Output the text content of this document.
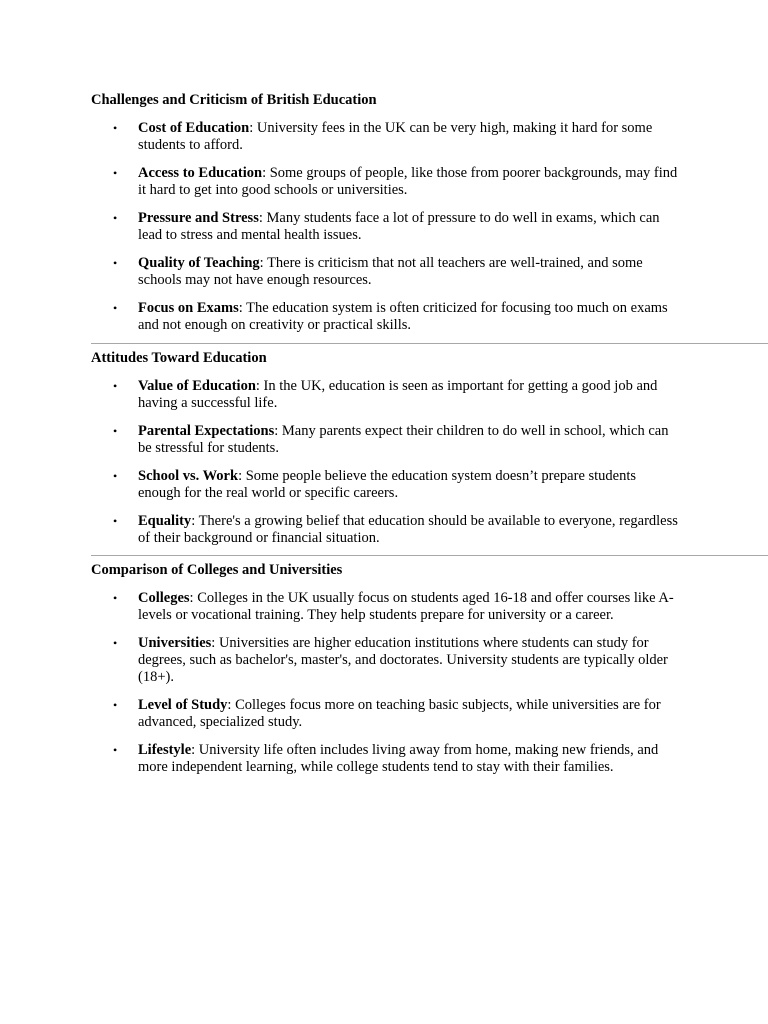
Challenges and Criticism of British Education
• Cost of Education: University fees in the UK can be very high, making it hard for some students to afford.
• Access to Education: Some groups of people, like those from poorer backgrounds, may find it hard to get into good schools or universities.
• Pressure and Stress: Many students face a lot of pressure to do well in exams, which can lead to stress and mental health issues.
• Quality of Teaching: There is criticism that not all teachers are well-trained, and some schools may not have enough resources.
• Focus on Exams: The education system is often criticized for focusing too much on exams and not enough on creativity or practical skills.
Attitudes Toward Education
• Value of Education: In the UK, education is seen as important for getting a good job and having a successful life.
• Parental Expectations: Many parents expect their children to do well in school, which can be stressful for students.
• School vs. Work: Some people believe the education system doesn’t prepare students enough for the real world or specific careers.
• Equality: There's a growing belief that education should be available to everyone, regardless of their background or financial situation.
Comparison of Colleges and Universities
• Colleges: Colleges in the UK usually focus on students aged 16-18 and offer courses like A-levels or vocational training. They help students prepare for university or a career.
• Universities: Universities are higher education institutions where students can study for degrees, such as bachelor's, master's, and doctorates. University students are typically older (18+).
• Level of Study: Colleges focus more on teaching basic subjects, while universities are for advanced, specialized study.
• Lifestyle: University life often includes living away from home, making new friends, and more independent learning, while college students tend to stay with their families.
